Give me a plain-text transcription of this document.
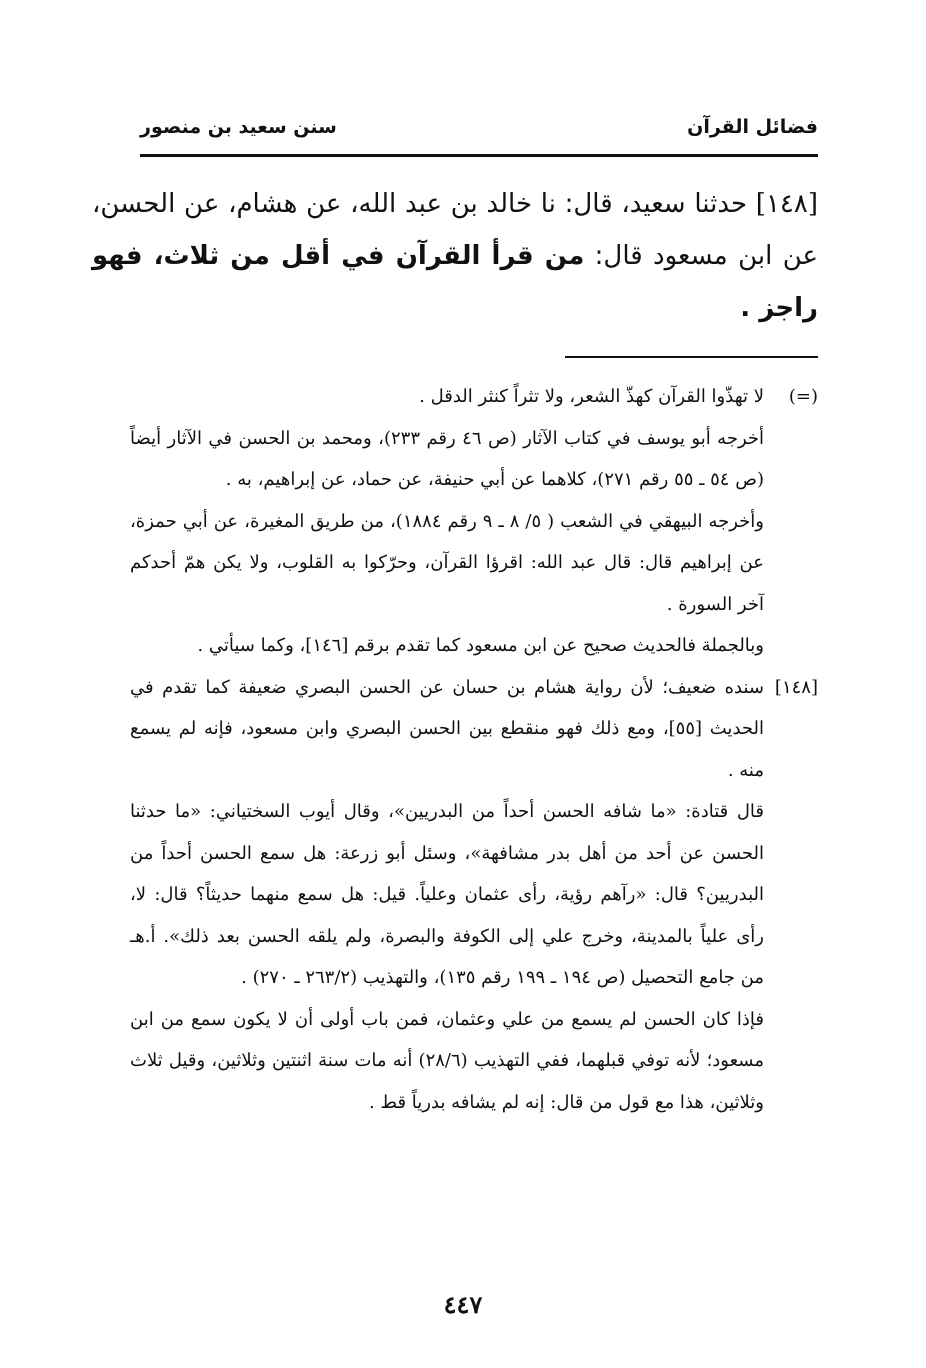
فضائل القرآن
سنن سعيد بن منصور
[١٤٨] حدثنا سعيد، قال: نا خالد بن عبد الله، عن هشام، عن الحسن، عن ابن مسعود قال: من قرأ القرآن في أقل من ثلاث، فهو راجز .
(=)

لا تهذّوا القرآن كهذّ الشعر، ولا تثراً كنثر الدقل .

أخرجه أبو يوسف في كتاب الآثار (ص ٤٦ رقم ٢٣٣)، ومحمد بن الحسن في الآثار أيضاً (ص ٥٤ ـ ٥٥ رقم ٢٧١)، كلاهما عن أبي حنيفة، عن حماد، عن إبراهيم، به .

وأخرجه البيهقي في الشعب ( ٥/ ٨ ـ ٩ رقم ١٨٨٤)، من طريق المغيرة، عن أبي حمزة، عن إبراهيم قال: قال عبد الله: اقرؤا القرآن، وحرّكوا به القلوب، ولا يكن همّ أحدكم آخر السورة .

وبالجملة فالحديث صحيح عن ابن مسعود كما تقدم برقم [١٤٦]، وكما سيأتي .

[١٤٨]

سنده ضعيف؛ لأن رواية هشام بن حسان عن الحسن البصري ضعيفة كما تقدم في الحديث [٥٥]، ومع ذلك فهو منقطع بين الحسن البصري وابن مسعود، فإنه لم يسمع منه .

قال قتادة: «ما شافه الحسن أحداً من البدريين»، وقال أيوب السختياني: «ما حدثنا الحسن عن أحد من أهل بدر مشافهة»، وسئل أبو زرعة: هل سمع الحسن أحداً من البدريين؟ قال: «رآهم رؤية، رأى عثمان وعلياً. قيل: هل سمع منهما حديثاً؟ قال: لا، رأى علياً بالمدينة، وخرج علي إلى الكوفة والبصرة، ولم يلقه الحسن بعد ذلك». أ.هـ من جامع التحصيل (ص ١٩٤ ـ ١٩٩ رقم ١٣٥)، والتهذيب (٢٦٣/٢ ـ ٢٧٠) .

فإذا كان الحسن لم يسمع من علي وعثمان، فمن باب أولى أن لا يكون سمع من ابن مسعود؛ لأنه توفي قبلهما، ففي التهذيب (٢٨/٦) أنه مات سنة اثنتين وثلاثين، وقيل ثلاث وثلاثين، هذا مع قول من قال: إنه لم يشافه بدرياً قط .

٤٤٧
